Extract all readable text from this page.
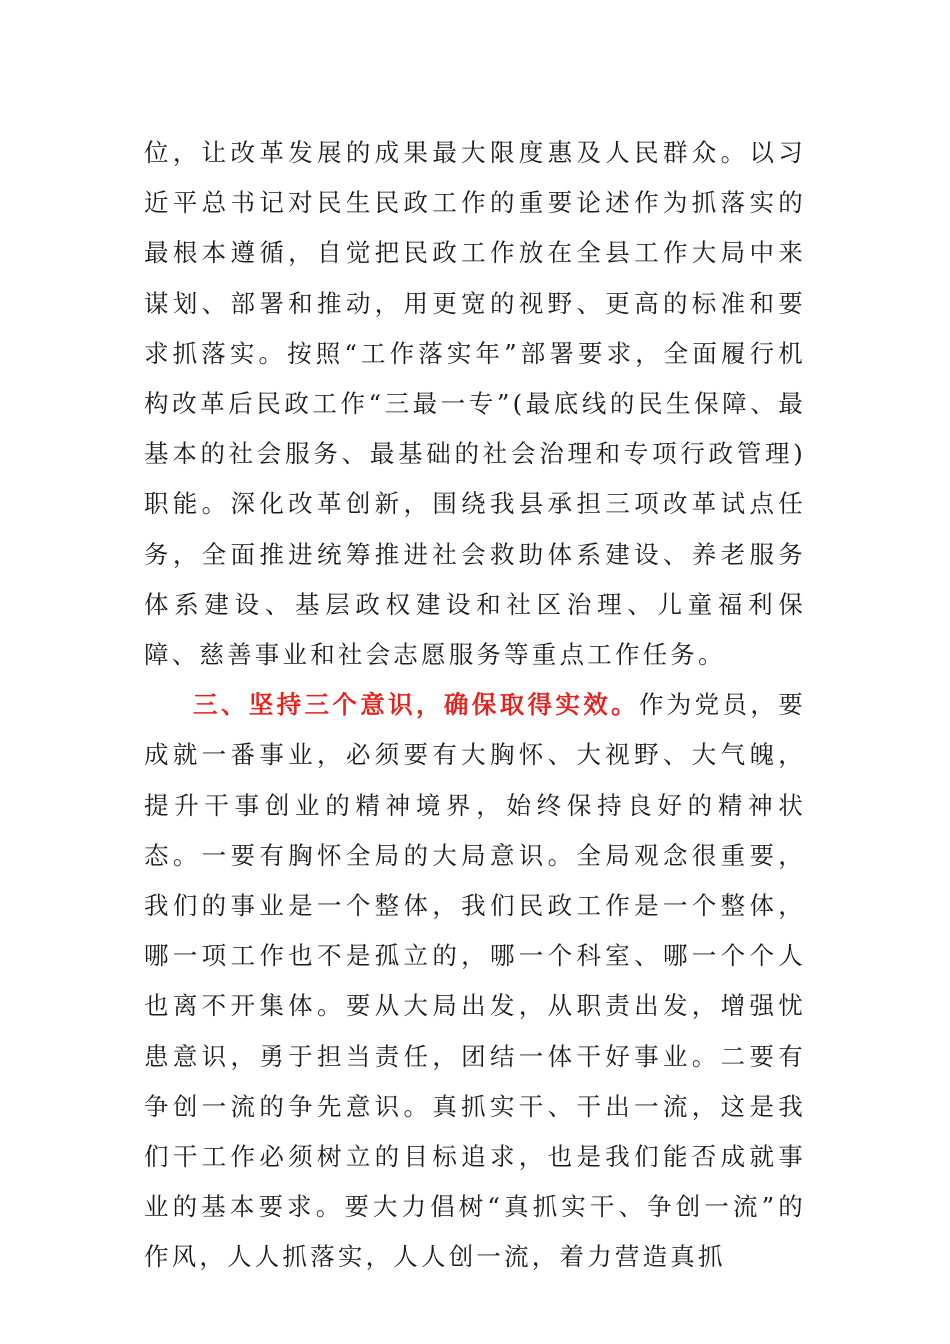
位，让改革发展的成果最大限度惠及人民群众。以习近平总书记对民生民政工作的重要论述作为抓落实的最根本遵循，自觉把民政工作放在全县工作大局中来谋划、部署和推动，用更宽的视野、更高的标准和要求抓落实。按照“工作落实年”部署要求，全面履行机构改革后民政工作“三最一专”(最底线的民生保障、最基本的社会服务、最基础的社会治理和专项行政管理)职能。深化改革创新，围绕我县承担三项改革试点任务，全面推进统筹推进社会救助体系建设、养老服务体系建设、基层政权建设和社区治理、儿童福利保障、慈善事业和社会志愿服务等重点工作任务。

三、坚持三个意识，确保取得实效。作为党员，要成就一番事业，必须要有大胸怀、大视野、大气魄，提升干事创业的精神境界，始终保持良好的精神状态。一要有胸怀全局的大局意识。全局观念很重要，我们的事业是一个整体，我们民政工作是一个整体，哪一项工作也不是孤立的，哪一个科室、哪一个个人也离不开集体。要从大局出发，从职责出发，增强忧患意识，勇于担当责任，团结一体干好事业。二要有争创一流的争先意识。真抓实干、干出一流，这是我们干工作必须树立的目标追求，也是我们能否成就事业的基本要求。要大力倡树“真抓实干、争创一流”的作风，人人抓落实，人人创一流，着力营造真抓
